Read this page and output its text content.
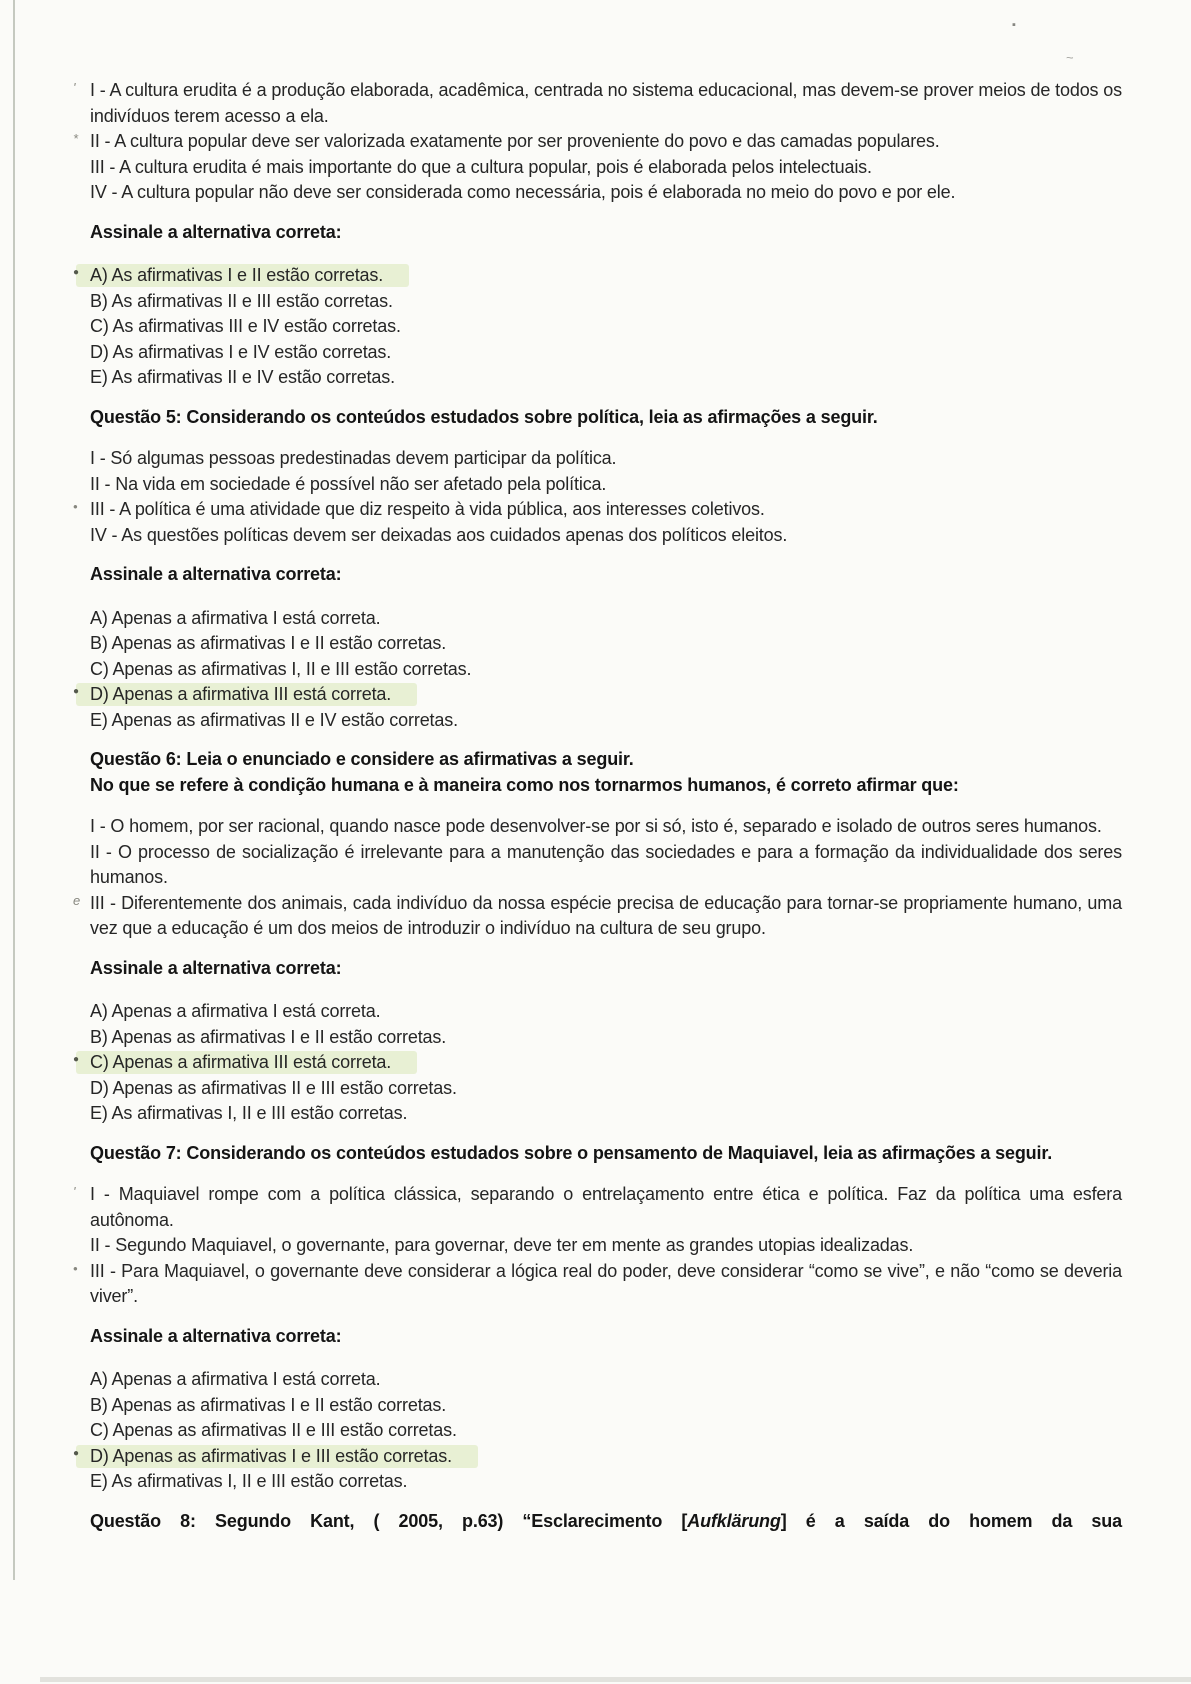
▪
~

' I - A cultura erudita é a produção elaborada, acadêmica, centrada no sistema educacional, mas devem-se prover meios de todos os indivíduos terem acesso a ela.

* II - A cultura popular deve ser valorizada exatamente por ser proveniente do povo e das camadas populares.

III - A cultura erudita é mais importante do que a cultura popular, pois é elaborada pelos intelectuais.

IV - A cultura popular não deve ser considerada como necessária, pois é elaborada no meio do povo e por ele.

Assinale a alternativa correta:
● A) As afirmativas I e II estão corretas.
B) As afirmativas II e III estão corretas.
C) As afirmativas III e IV estão corretas.
D) As afirmativas I e IV estão corretas.
E) As afirmativas II e IV estão corretas.
Questão 5: Considerando os conteúdos estudados sobre política, leia as afirmações a seguir.

I - Só algumas pessoas predestinadas devem participar da política.

II - Na vida em sociedade é possível não ser afetado pela política.

• III - A política é uma atividade que diz respeito à vida pública, aos interesses coletivos.

IV - As questões políticas devem ser deixadas aos cuidados apenas dos políticos eleitos.

Assinale a alternativa correta:
A) Apenas a afirmativa I está correta.
B) Apenas as afirmativas I e II estão corretas.
C) Apenas as afirmativas I, II e III estão corretas.
● D) Apenas a afirmativa III está correta.
E) Apenas as afirmativas II e IV estão corretas.
Questão 6: Leia o enunciado e considere as afirmativas a seguir.
No que se refere à condição humana e à maneira como nos tornarmos humanos, é correto afirmar que:

I - O homem, por ser racional, quando nasce pode desenvolver-se por si só, isto é, separado e isolado de outros seres humanos.

II - O processo de socialização é irrelevante para a manutenção das sociedades e para a formação da individualidade dos seres humanos.

e III - Diferentemente dos animais, cada indivíduo da nossa espécie precisa de educação para tornar-se propriamente humano, uma vez que a educação é um dos meios de introduzir o indivíduo na cultura de seu grupo.

Assinale a alternativa correta:
A) Apenas a afirmativa I está correta.
B) Apenas as afirmativas I e II estão corretas.
● C) Apenas a afirmativa III está correta.
D) Apenas as afirmativas II e III estão corretas.
E) As afirmativas I, II e III estão corretas.
Questão 7: Considerando os conteúdos estudados sobre o pensamento de Maquiavel, leia as afirmações a seguir.

' I - Maquiavel rompe com a política clássica, separando o entrelaçamento entre ética e política. Faz da política uma esfera autônoma.

II - Segundo Maquiavel, o governante, para governar, deve ter em mente as grandes utopias idealizadas.

• III - Para Maquiavel, o governante deve considerar a lógica real do poder, deve considerar “como se vive”, e não “como se deveria viver”.

Assinale a alternativa correta:
A) Apenas a afirmativa I está correta.
B) Apenas as afirmativas I e II estão corretas.
C) Apenas as afirmativas II e III estão corretas.
● D) Apenas as afirmativas I e III estão corretas.
E) As afirmativas I, II e III estão corretas.
Questão 8: Segundo Kant, ( 2005, p.63) “Esclarecimento [Aufklärung] é a saída do homem da sua
